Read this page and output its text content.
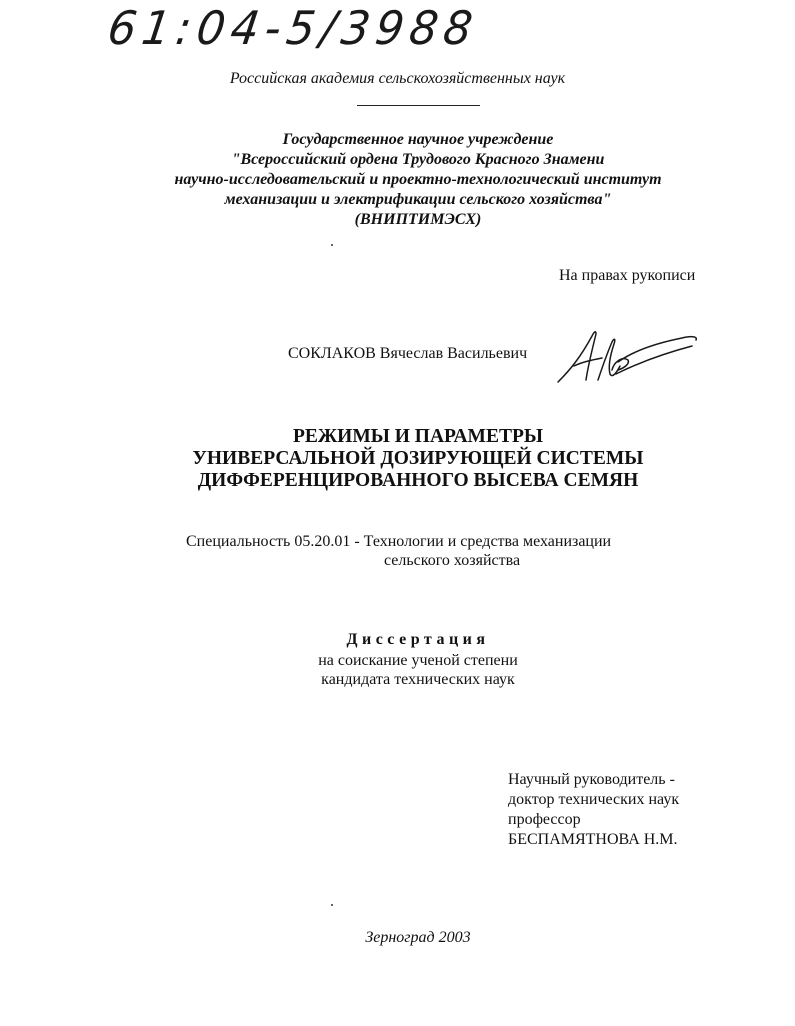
61:04-5/3988
Российская академия сельскохозяйственных наук
Государственное научное учреждение
"Всероссийский ордена Трудового Красного Знамени
научно-исследовательский и проектно-технологический институт
механизации и электрификации сельского хозяйства"
(ВНИПТИМЭСХ)
На правах рукописи
СОКЛАКОВ Вячеслав Васильевич
РЕЖИМЫ И ПАРАМЕТРЫ
УНИВЕРСАЛЬНОЙ ДОЗИРУЮЩЕЙ СИСТЕМЫ
ДИФФЕРЕНЦИРОВАННОГО ВЫСЕВА СЕМЯН
Специальность 05.20.01 - Технологии и средства механизации
сельского хозяйства
Диссертация
на соискание ученой степени
кандидата технических наук
Научный руководитель -
доктор технических наук
профессор
БЕСПАМЯТНОВА Н.М.
Зерноград 2003
